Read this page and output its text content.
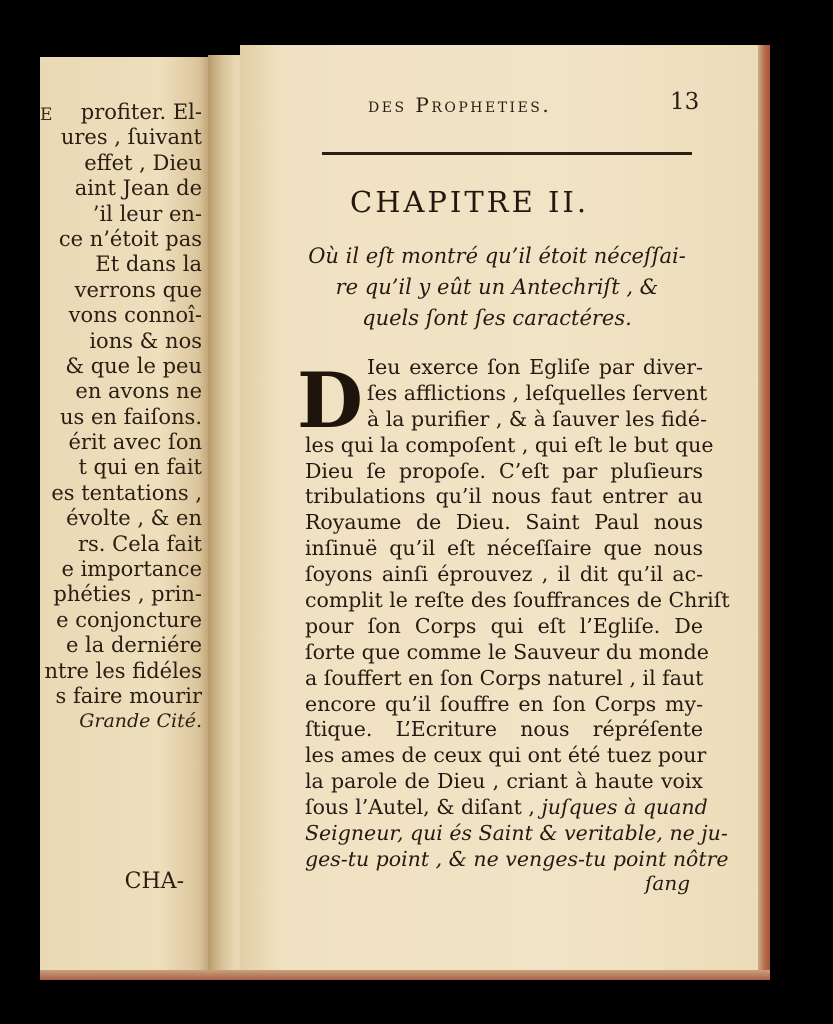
E	profiter. El-
ures , ſuivant
effet , Dieu
aint Jean de
’il leur en-
ce n’étoit pas
Et dans la
verrons que
vons connoî-
ions & nos
& que le peu
en avons ne
us en faiſons.
érit avec ſon
t qui en fait
es tentations ,
évolte , & en
rs. Cela fait
e importance
phéties , prin-
e conjoncture
e la derniére
ntre les fidéles
s faire mourir
Grande Cité.
CHA-
des Propheties.	13
CHAPITRE II.
Où il eſt montré qu’il étoit néceſſai-
re qu’il y eût un Antechriſt , &
quels ſont ſes caractéres.
D Ieu exerce ſon Egliſe par diver-
ſes afflictions , leſquelles ſervent
à la purifier , & à ſauver les fidé-
les qui la compoſent , qui eſt le but que
Dieu ſe propoſe. C’eſt par pluſieurs
tribulations qu’il nous faut entrer au
Royaume de Dieu. Saint Paul nous
inſinuë qu’il eſt néceſſaire que nous
ſoyons ainſi éprouvez , il dit qu’il ac-
complit le reſte des ſouffrances de Chriſt
pour ſon Corps qui eſt l’Egliſe. De
ſorte que comme le Sauveur du monde
a ſouffert en ſon Corps naturel , il faut
encore qu’il ſouffre en ſon Corps my-
ſtique. L’Ecriture nous répréſente
les ames de ceux qui ont été tuez pour
la parole de Dieu , criant à haute voix
ſous l’Autel, & diſant , juſques à quand
Seigneur, qui és Saint & veritable, ne ju-
ges-tu point , & ne venges-tu point nôtre
ſang
